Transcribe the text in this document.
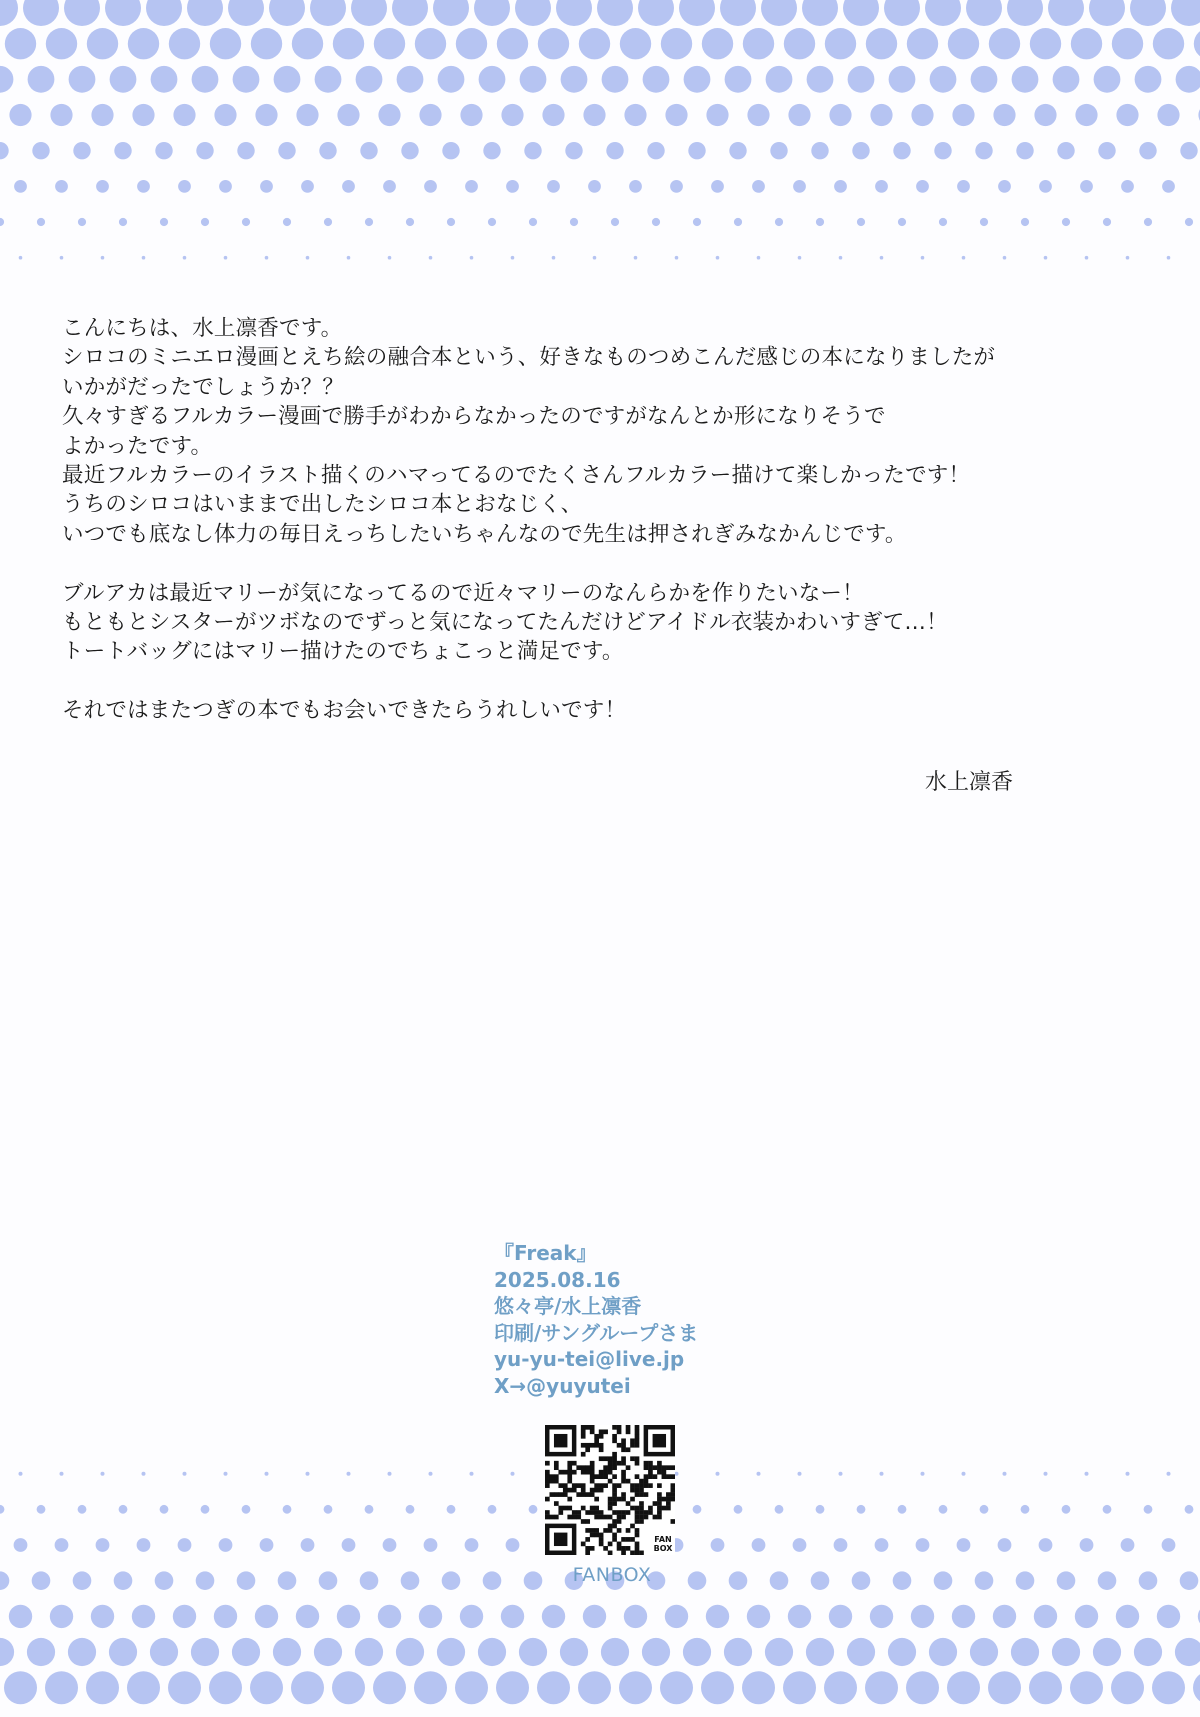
こんにちは、水上凛香です。
シロコのミニエロ漫画とえち絵の融合本という、好きなものつめこんだ感じの本になりましたが
いかがだったでしょうか？？
久々すぎるフルカラー漫画で勝手がわからなかったのですがなんとか形になりそうで
よかったです。
最近フルカラーのイラスト描くのハマってるのでたくさんフルカラー描けて楽しかったです！
うちのシロコはいままで出したシロコ本とおなじく、
いつでも底なし体力の毎日えっちしたいちゃんなので先生は押されぎみなかんじです。

ブルアカは最近マリーが気になってるので近々マリーのなんらかを作りたいなー！
もともとシスターがツボなのでずっと気になってたんだけどアイドル衣装かわいすぎて…！
トートバッグにはマリー描けたのでちょこっと満足です。

それではまたつぎの本でもお会いできたらうれしいです！

水上凛香
『Freak』
2025.08.16
悠々亭/水上凛香
印刷/サングループさま
yu-yu-tei@live.jp
X→@yuyutei
FAN
BOX
FANBOX
